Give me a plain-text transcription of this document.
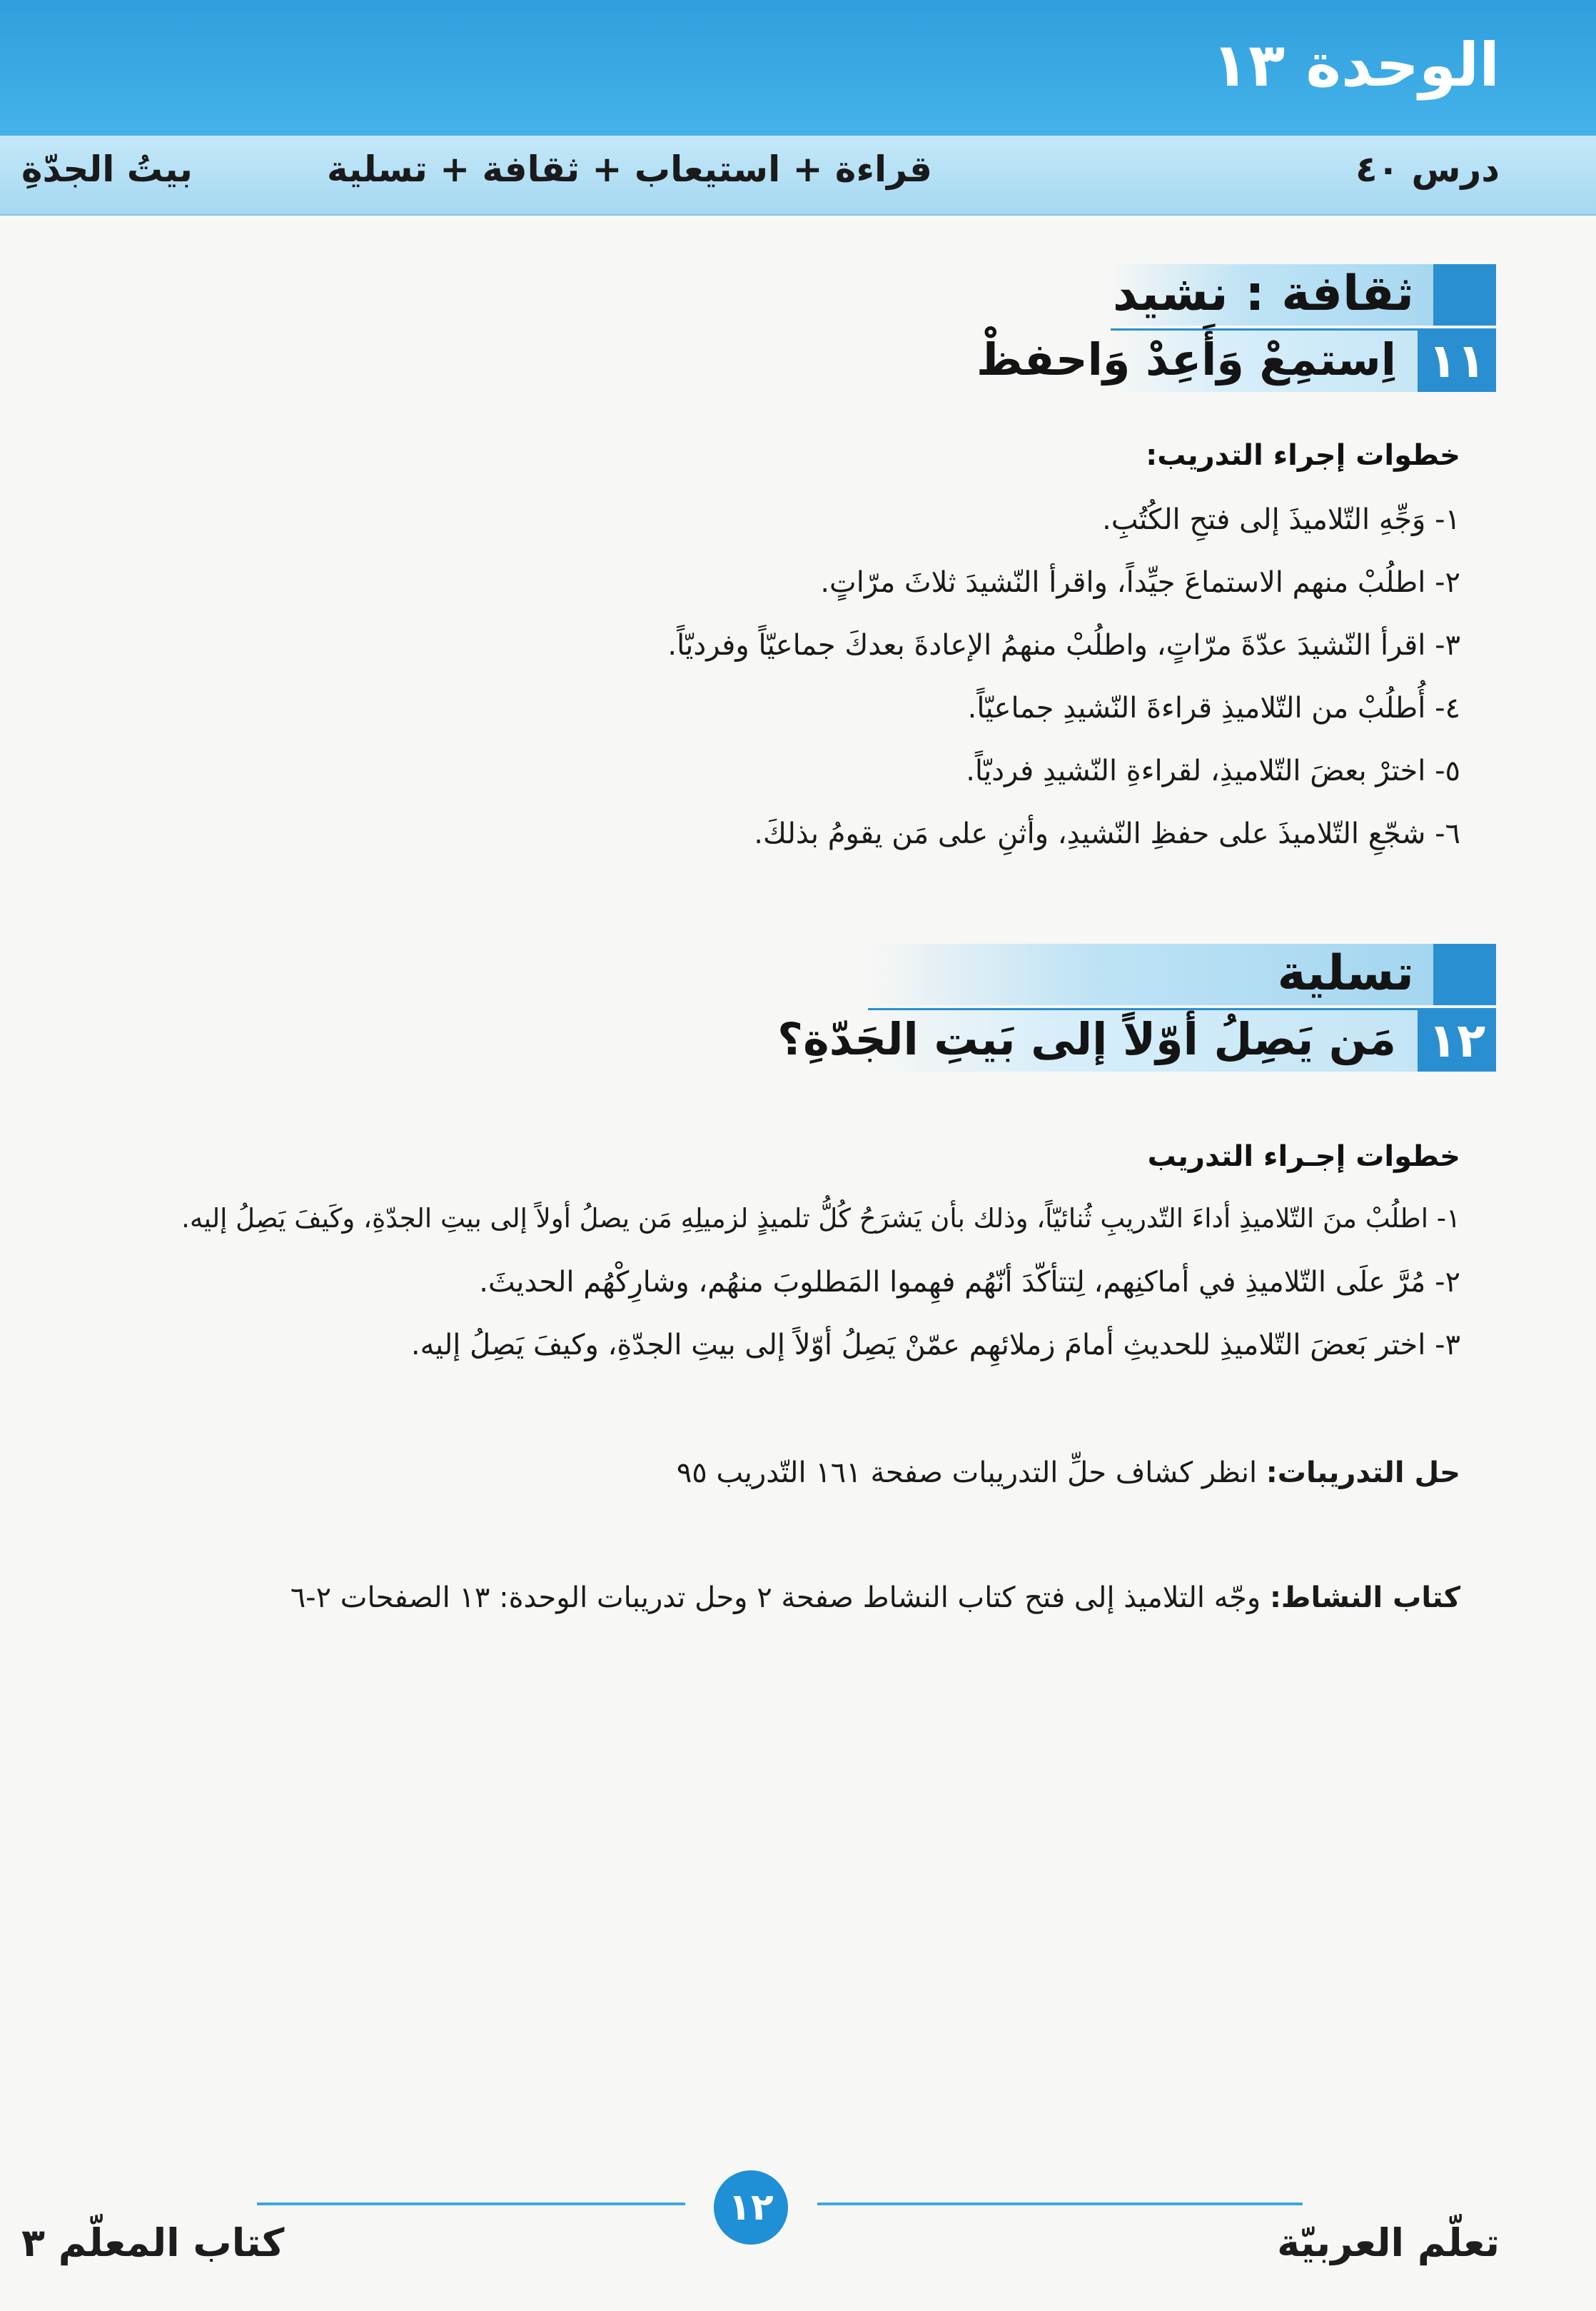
الوحدة ١٣
درس ٤٠
قراءة + استيعاب + ثقافة + تسلية
بيتُ الجدّةِ
ثقافة : نشيد
١١
اِستمِعْ وَأَعِدْ وَاحفظْ
خطوات إجراء التدريب:
١- وَجِّهِ التّلاميذَ إلى فتحِ الكُتُبِ.
٢- اطلُبْ منهم الاستماعَ جيِّداً، واقرأ النّشيدَ ثلاثَ مرّاتٍ.
٣- اقرأ النّشيدَ عدّةَ مرّاتٍ، واطلُبْ منهمُ الإعادةَ بعدكَ جماعيّاً وفرديّاً.
٤- أُطلُبْ من التّلاميذِ قراءةَ النّشيدِ جماعيّاً.
٥- اخترْ بعضَ التّلاميذِ، لقراءةِ النّشيدِ فرديّاً.
٦- شجّعِ التّلاميذَ على حفظِ النّشيدِ، وأثنِ على مَن يقومُ بذلكَ.
تسلية
١٢
مَن يَصِلُ أوّلاً إلى بَيتِ الجَدّةِ؟
خطوات إجـراء التدريب
١- اطلُبْ منَ التّلاميذِ أداءَ التّدريبِ ثُنائيّاً، وذلك بأن يَشرَحُ كُلُّ تلميذٍ لزميلِهِ مَن يصلُ أولاً إلى بيتِ الجدّةِ، وكَيفَ يَصِلُ إليه.
٢- مُرَّ علَى التّلاميذِ في أماكنِهم، لِتتأكّدَ أنّهُم فهِموا المَطلوبَ منهُم، وشارِكْهُم الحديثَ.
٣- اختر بَعضَ التّلاميذِ للحديثِ أمامَ زملائهِم عمّنْ يَصِلُ أوّلاً إلى بيتِ الجدّةِ، وكيفَ يَصِلُ إليه.
حل التدريبات: انظر كشاف حلِّ التدريبات صفحة ١٦١ التّدريب ٩٥
كتاب النشاط: وجّه التلاميذ إلى فتح كتاب النشاط صفحة ٢ وحل تدريبات الوحدة: ١٣ الصفحات ٢-٦
١٢
كتاب المعلّم ٣	تعلّم العربيّة
